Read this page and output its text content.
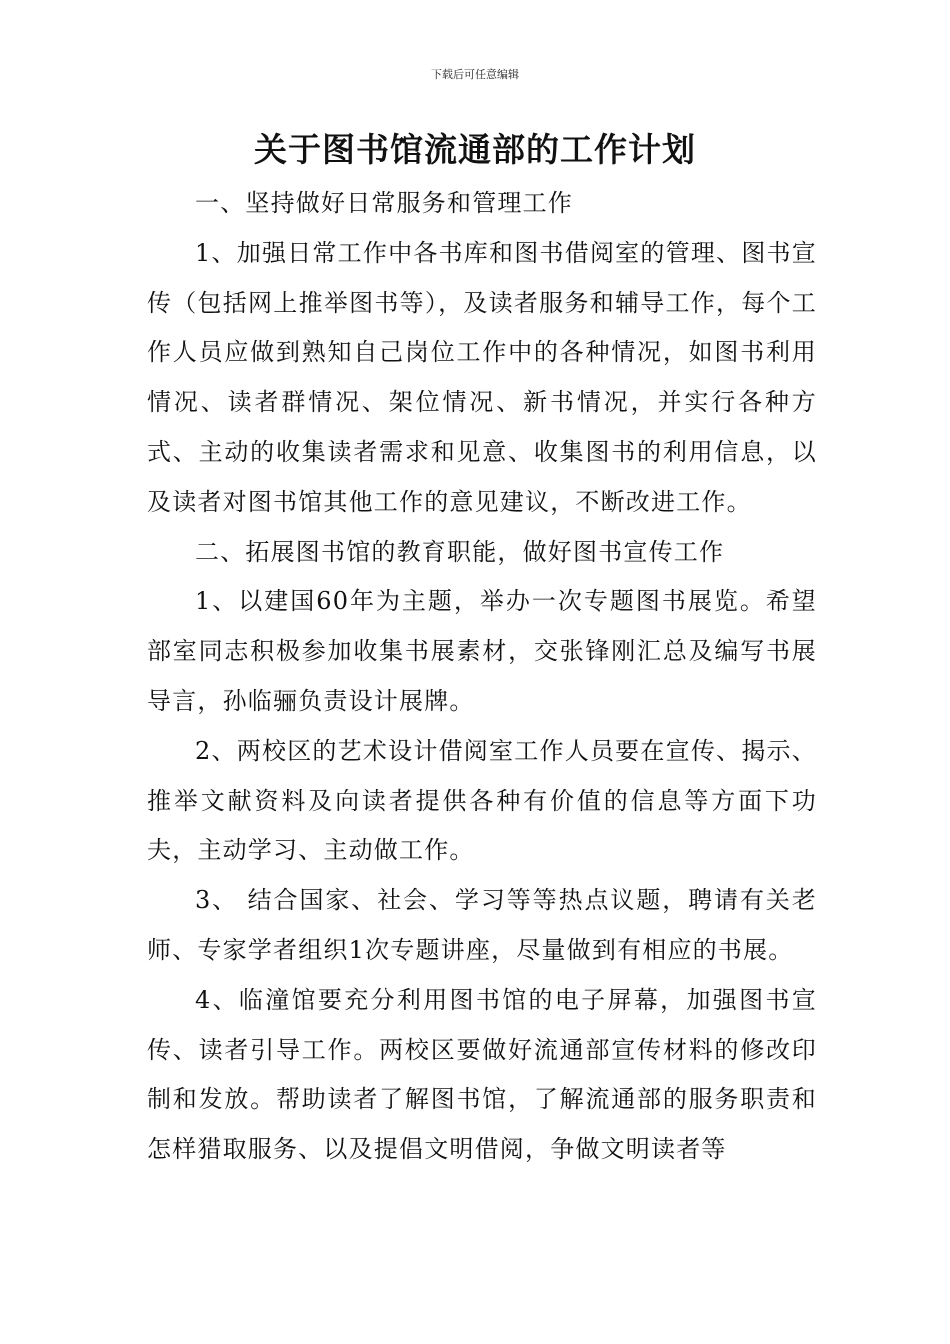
下载后可任意编辑
关于图书馆流通部的工作计划

一、坚持做好日常服务和管理工作

1、加强日常工作中各书库和图书借阅室的管理、图书宣传（包括网上推举图书等），及读者服务和辅导工作，每个工作人员应做到熟知自己岗位工作中的各种情况，如图书利用情况、读者群情况、架位情况、新书情况，并实行各种方式、主动的收集读者需求和见意、收集图书的利用信息，以及读者对图书馆其他工作的意见建议，不断改进工作。

二、拓展图书馆的教育职能，做好图书宣传工作

1、以建国60年为主题，举办一次专题图书展览。希望部室同志积极参加收集书展素材，交张锋刚汇总及编写书展导言，孙临骊负责设计展牌。

2、两校区的艺术设计借阅室工作人员要在宣传、揭示、推举文献资料及向读者提供各种有价值的信息等方面下功夫，主动学习、主动做工作。

3、 结合国家、社会、学习等等热点议题，聘请有关老师、专家学者组织1次专题讲座，尽量做到有相应的书展。

4、临潼馆要充分利用图书馆的电子屏幕，加强图书宣传、读者引导工作。两校区要做好流通部宣传材料的修改印制和发放。帮助读者了解图书馆，了解流通部的服务职责和怎样猎取服务、以及提倡文明借阅，争做文明读者等
